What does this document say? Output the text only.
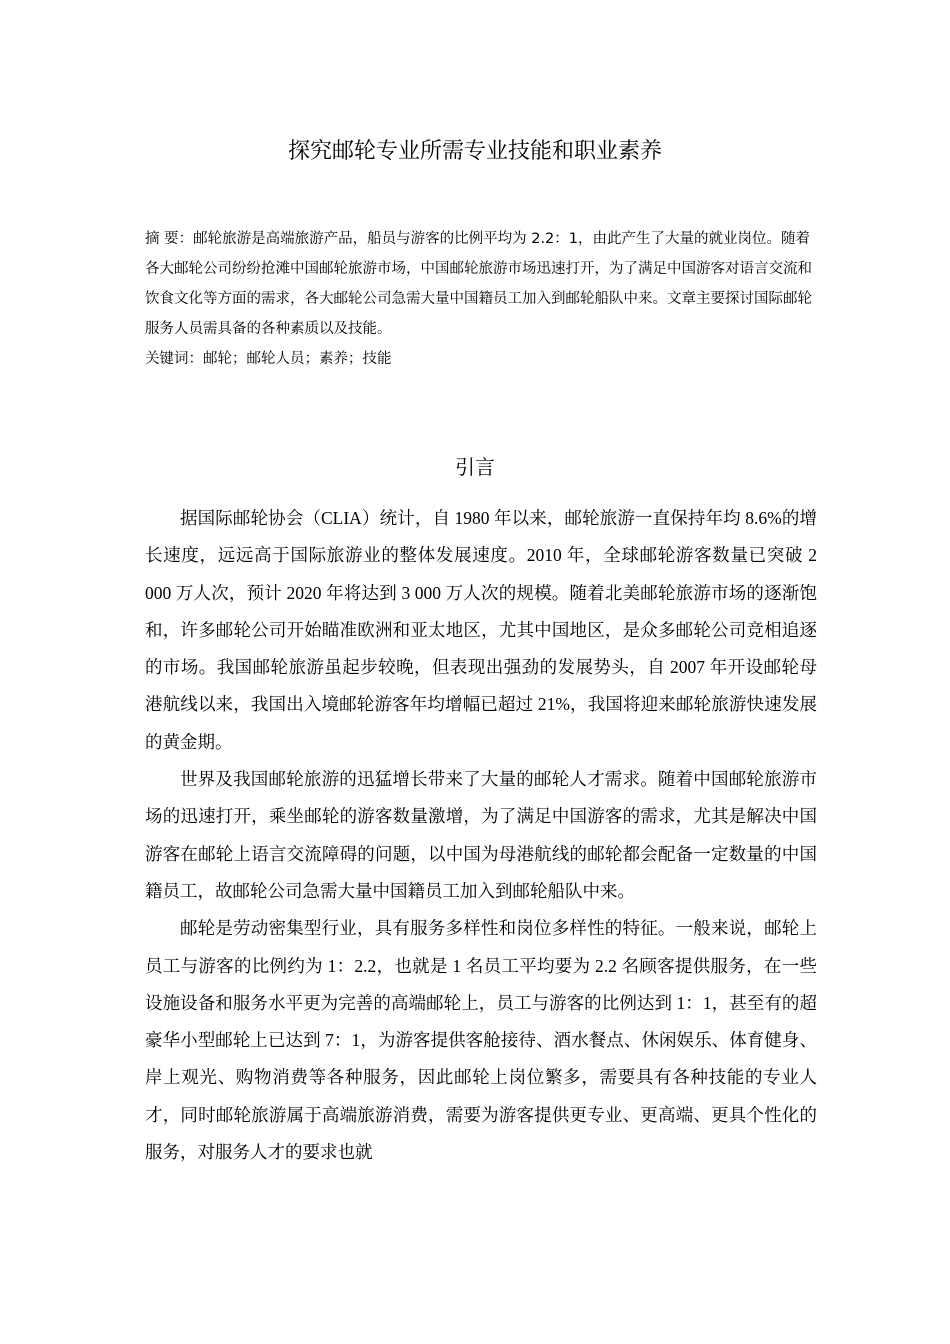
探究邮轮专业所需专业技能和职业素养

摘 要：邮轮旅游是高端旅游产品，船员与游客的比例平均为 2.2：1，由此产生了大量的就业岗位。随着各大邮轮公司纷纷抢滩中国邮轮旅游市场，中国邮轮旅游市场迅速打开，为了满足中国游客对语言交流和饮食文化等方面的需求，各大邮轮公司急需大量中国籍员工加入到邮轮船队中来。文章主要探讨国际邮轮服务人员需具备的各种素质以及技能。

关键词：邮轮；邮轮人员；素养；技能

引言

据国际邮轮协会（CLIA）统计，自 1980 年以来，邮轮旅游一直保持年均 8.6%的增长速度，远远高于国际旅游业的整体发展速度。2010 年，全球邮轮游客数量已突破 2 000 万人次，预计 2020 年将达到 3 000 万人次的规模。随着北美邮轮旅游市场的逐渐饱和，许多邮轮公司开始瞄准欧洲和亚太地区，尤其中国地区，是众多邮轮公司竞相追逐的市场。我国邮轮旅游虽起步较晚，但表现出强劲的发展势头，自 2007 年开设邮轮母港航线以来，我国出入境邮轮游客年均增幅已超过 21%，我国将迎来邮轮旅游快速发展的黄金期。

世界及我国邮轮旅游的迅猛增长带来了大量的邮轮人才需求。随着中国邮轮旅游市场的迅速打开，乘坐邮轮的游客数量激增，为了满足中国游客的需求，尤其是解决中国游客在邮轮上语言交流障碍的问题，以中国为母港航线的邮轮都会配备一定数量的中国籍员工，故邮轮公司急需大量中国籍员工加入到邮轮船队中来。

邮轮是劳动密集型行业，具有服务多样性和岗位多样性的特征。一般来说，邮轮上员工与游客的比例约为 1：2.2，也就是 1 名员工平均要为 2.2 名顾客提供服务，在一些设施设备和服务水平更为完善的高端邮轮上，员工与游客的比例达到 1：1，甚至有的超豪华小型邮轮上已达到 7：1，为游客提供客舱接待、酒水餐点、休闲娱乐、体育健身、岸上观光、购物消费等各种服务，因此邮轮上岗位繁多，需要具有各种技能的专业人才，同时邮轮旅游属于高端旅游消费，需要为游客提供更专业、更高端、更具个性化的服务，对服务人才的要求也就
